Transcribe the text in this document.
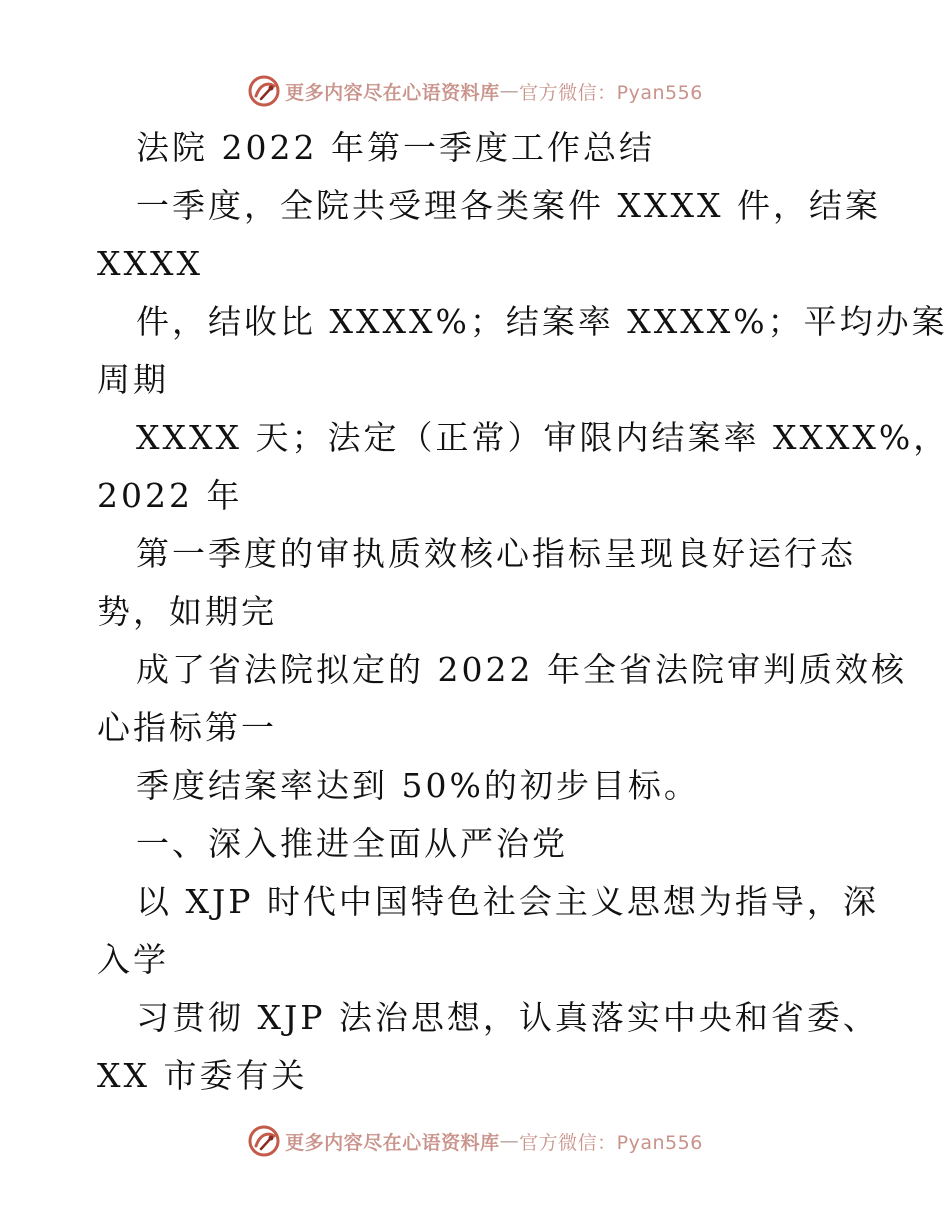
更多内容尽在心语资料库 — 官方微信：Pyan556
法院 2022 年第一季度工作总结
一季度，全院共受理各类案件 XXXX 件，结案
XXXX
件，结收比 XXXX%；结案率 XXXX%；平均办案
周期
XXXX 天；法定（正常）审限内结案率 XXXX%，
2022 年
第一季度的审执质效核心指标呈现良好运行态
势，如期完
成了省法院拟定的 2022 年全省法院审判质效核
心指标第一
季度结案率达到 50%的初步目标。
一、深入推进全面从严治党
以 XJP 时代中国特色社会主义思想为指导，深
入学
习贯彻 XJP 法治思想，认真落实中央和省委、
XX 市委有关
更多内容尽在心语资料库 — 官方微信：Pyan556
